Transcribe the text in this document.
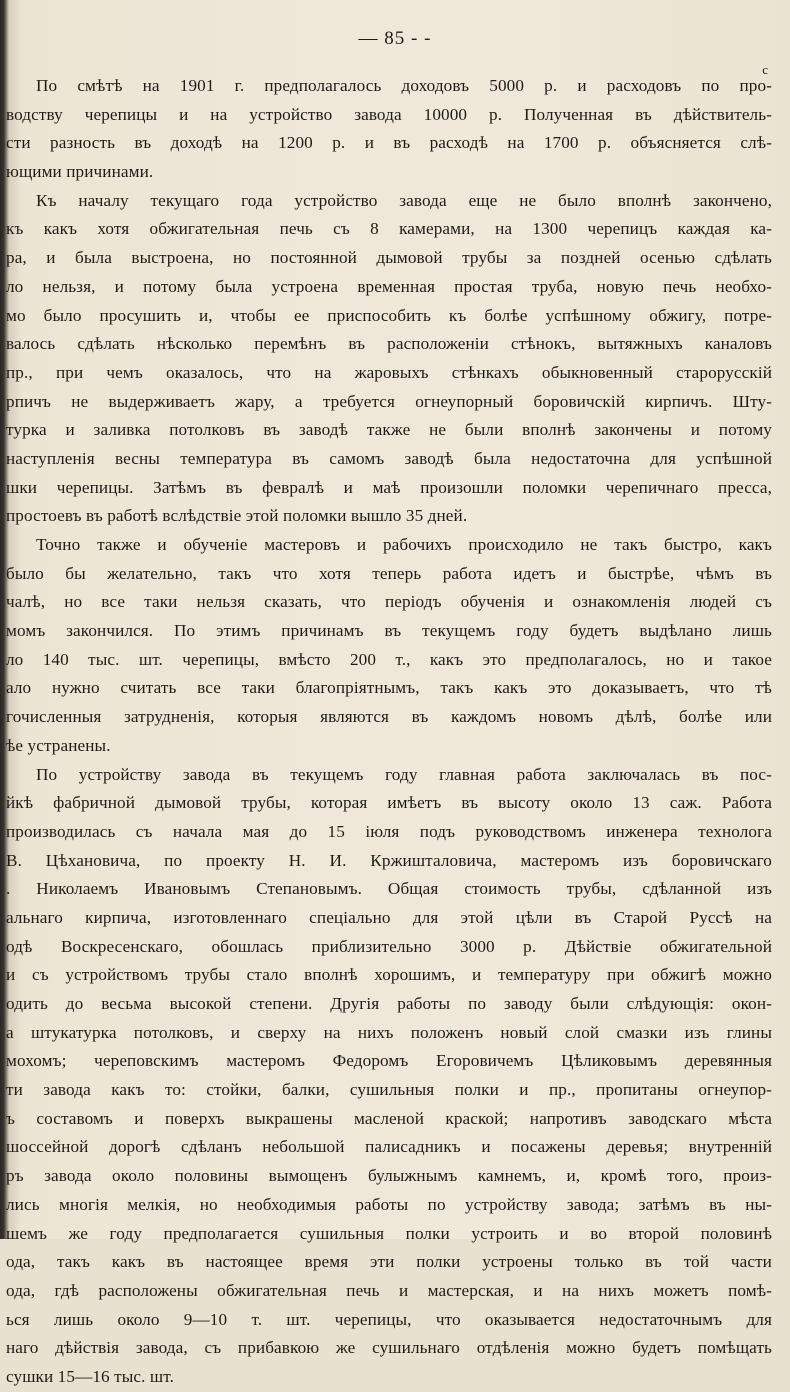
— 85 - -
с
По смѣтѣ на 1901 г. предполагалось доходовъ 5000 р. и расходовъ по про-
водству черепицы и на устройство завода 10000 р. Полученная въ дѣйствитель-
сти разность въ доходѣ на 1200 р. и въ расходѣ на 1700 р. объясняется слѣ-
ющими причинами.
Къ началу текущаго года устройство завода еще не было вполнѣ закончено,
къ какъ хотя обжигательная печь съ 8 камерами, на 1300 черепицъ каждая ка-
ра, и была выстроена, но постоянной дымовой трубы за поздней осенью сдѣлать
ло нельзя, и потому была устроена временная простая труба, новую печь необхо-
мо было просушить и, чтобы ее приспособить къ болѣе успѣшному обжигу, потре-
валось сдѣлать нѣсколько перемѣнъ въ расположеніи стѣнокъ, вытяжныхъ каналовъ
пр., при чемъ оказалось, что на жаровыхъ стѣнкахъ обыкновенный старорусскій
рпичъ не выдерживаетъ жару, а требуется огнеупорный боровичскій кирпичъ. Шту-
турка и заливка потолковъ въ заводѣ также не были вполнѣ закончены и потому
наступленія весны температура въ самомъ заводѣ была недостаточна для успѣшной
шки черепицы. Затѣмъ въ февралѣ и маѣ произошли поломки черепичнаго пресса,
простоевъ въ работѣ вслѣдствіе этой поломки вышло 35 дней.
Точно также и обученіе мастеровъ и рабочихъ происходило не такъ быстро, какъ
было бы желательно, такъ что хотя теперь работа идетъ и быстрѣе, чѣмъ въ
чалѣ, но все таки нельзя сказать, что періодъ обученія и ознакомленія людей съ
момъ закончился. По этимъ причинамъ въ текущемъ году будетъ выдѣлано лишь
ло 140 тыс. шт. черепицы, вмѣсто 200 т., какъ это предполагалось, но и такое
ало нужно считать все таки благопріятнымъ, такъ какъ это доказываетъ, что тѣ
гочисленныя затрудненія, которыя являются въ каждомъ новомъ дѣлѣ, болѣе или
ѣе устранены.
По устройству завода въ текущемъ году главная работа заключалась въ пос-
йкѣ фабричной дымовой трубы, которая имѣетъ въ высоту около 13 саж. Работа
производилась съ начала мая до 15 іюля подъ руководствомъ инженера технолога
В. Цѣхановича, по проекту Н. И. Кржишталовича, мастеромъ изъ боровичскаго
. Николаемъ Ивановымъ Степановымъ. Общая стоимость трубы, сдѣланной изъ
альнаго кирпича, изготовленнаго спеціально для этой цѣли въ Старой Руссѣ на
одѣ Воскресенскаго, обошлась приблизительно 3000 р. Дѣйствіе обжигательной
и съ устройствомъ трубы стало вполнѣ хорошимъ, и температуру при обжигѣ можно
одить до весьма высокой степени. Другія работы по заводу были слѣдующія: окон-
а штукатурка потолковъ, и сверху на нихъ положенъ новый слой смазки изъ глины
мохомъ; череповскимъ мастеромъ Федоромъ Егоровичемъ Цѣликовымъ деревянныя
ти завода какъ то: стойки, балки, сушильныя полки и пр., пропитаны огнеупор-
ъ составомъ и поверхъ выкрашены масленой краской; напротивъ заводскаго мѣста
шоссейной дорогѣ сдѣланъ небольшой палисадникъ и посажены деревья; внутренній
ръ завода около половины вымощенъ булыжнымъ камнемъ, и, кромѣ того, произ-
лись многія мелкія, но необходимыя работы по устройству завода; затѣмъ въ ны-
шемъ же году предполагается сушильныя полки устроить и во второй половинѣ
ода, такъ какъ въ настоящее время эти полки устроены только въ той части
ода, гдѣ расположены обжигательная печь и мастерская, и на нихъ можетъ помѣ-
ься лишь около 9—10 т. шт. черепицы, что оказывается недостаточнымъ для
наго дѣйствія завода, съ прибавкою же сушильнаго отдѣленія можно будетъ помѣщать
сушки 15—16 тыс. шт.
